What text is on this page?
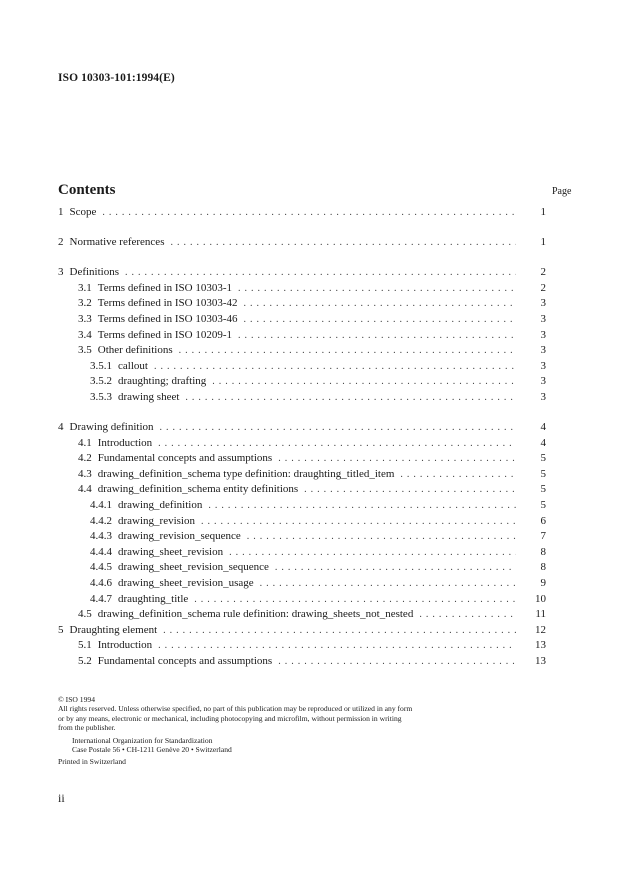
ISO 10303-101:1994(E)
Contents	Page
1 Scope . . .	1
2 Normative references . . .	1
3 Definitions . . .	2
3.1 Terms defined in ISO 10303-1 . . .	2
3.2 Terms defined in ISO 10303-42 . . .	3
3.3 Terms defined in ISO 10303-46 . . .	3
3.4 Terms defined in ISO 10209-1 . . .	3
3.5 Other definitions . . .	3
3.5.1 callout . . .	3
3.5.2 draughting; drafting . . .	3
3.5.3 drawing sheet . . .	3
4 Drawing definition . . .	4
4.1 Introduction . . .	4
4.2 Fundamental concepts and assumptions . . .	5
4.3 drawing_definition_schema type definition: draughting_titled_item . . .	5
4.4 drawing_definition_schema entity definitions . . .	5
4.4.1 drawing_definition . . .	5
4.4.2 drawing_revision . . .	6
4.4.3 drawing_revision_sequence . . .	7
4.4.4 drawing_sheet_revision . . .	8
4.4.5 drawing_sheet_revision_sequence . . .	8
4.4.6 drawing_sheet_revision_usage . . .	9
4.4.7 draughting_title . . .	10
4.5 drawing_definition_schema rule definition: drawing_sheets_not_nested . . .	11
5 Draughting element . . .	12
5.1 Introduction . . .	13
5.2 Fundamental concepts and assumptions . . .	13
© ISO 1994
All rights reserved. Unless otherwise specified, no part of this publication may be reproduced or utilized in any form or by any means, electronic or mechanical, including photocopying and microfilm, without permission in writing from the publisher.
International Organization for Standardization
Case Postale 56 • CH-1211 Genève 20 • Switzerland
Printed in Switzerland
ii
